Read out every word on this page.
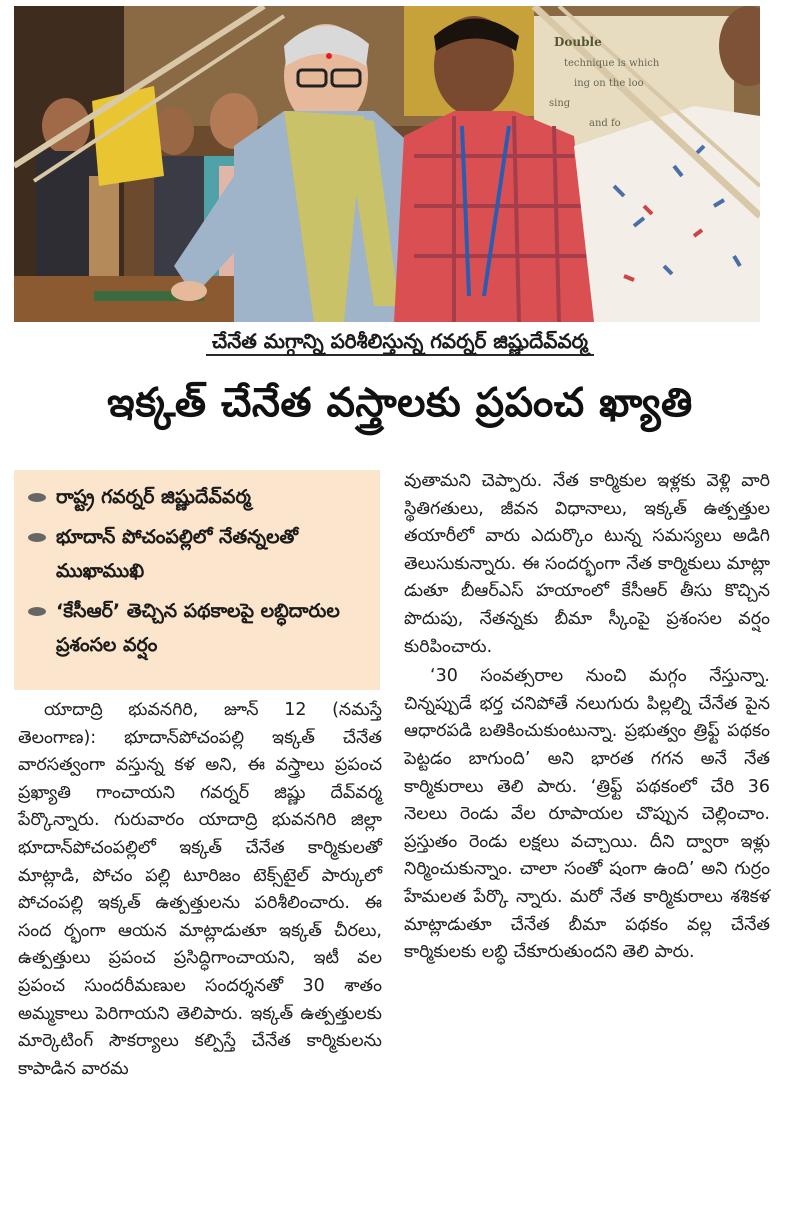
Double
technique is which
ing on the loo
sing
and fo
చేనేత మగ్గాన్ని పరిశీలిస్తున్న గవర్నర్ జిష్ణుదేవ్‌వర్మ
ఇక్కత్ చేనేత వస్త్రాలకు ప్రపంచ ఖ్యాతి
రాష్ట్ర గవర్నర్ జిష్ణుదేవ్‌వర్మ
భూదాన్ పోచంపల్లిలో నేతన్నలతో ముఖాముఖి
‘కేసీఆర్’ తెచ్చిన పథకాలపై లబ్ధిదారుల ప్రశంసల వర్షం

యాదాద్రి భువనగిరి, జూన్ 12 (నమస్తే తెలంగాణ): భూదాన్‌పోచంపల్లి ఇక్కత్ చేనేత వారసత్వంగా వస్తున్న కళ అని, ఈ వస్త్రాలు ప్రపంచ ప్రఖ్యాతి గాంచాయని గవర్నర్ జిష్ణు దేవ్‌వర్మ పేర్కొన్నారు. గురువారం యాదాద్రి భువనగిరి జిల్లా భూదాన్‌పోచంపల్లిలో ఇక్కత్ చేనేత కార్మికులతో మాట్లాడి, పోచం పల్లి టూరిజం టెక్స్‌టైల్ పార్కులో పోచంపల్లి ఇక్కత్ ఉత్పత్తులను పరిశీలించారు. ఈ సంద ర్భంగా ఆయన మాట్లాడుతూ ఇక్కత్ చీరలు, ఉత్పత్తులు ప్రపంచ ప్రసిద్ధిగాంచాయని, ఇటీ వల ప్రపంచ సుందరీమణుల సందర్శనతో 30 శాతం అమ్మకాలు పెరిగాయని తెలిపారు. ఇక్కత్ ఉత్పత్తులకు మార్కెటింగ్ సౌకర్యాలు కల్పిస్తే చేనేత కార్మికులను కాపాడిన వారమ

వుతామని చెప్పారు. నేత కార్మికుల ఇళ్లకు వెళ్లి వారి స్థితిగతులు, జీవన విధానాలు, ఇక్కత్ ఉత్పత్తుల తయారీలో వారు ఎదుర్కొం టున్న సమస్యలు అడిగి తెలుసుకున్నారు. ఈ సందర్భంగా నేత కార్మికులు మాట్లా డుతూ బీఆర్‌ఎస్ హయాంలో కేసీఆర్ తీసు కొచ్చిన పొదుపు, నేతన్నకు బీమా స్కీంపై ప్రశంసల వర్షం కురిపించారు.

‘30 సంవత్సరాల నుంచి మగ్గం నేస్తున్నా. చిన్నప్పుడే భర్త చనిపోతే నలుగురు పిల్లల్ని చేనేత పైన ఆధారపడి బతికించుకుంటున్నా. ప్రభుత్వం త్రిఫ్ట్ పథకం పెట్టడం బాగుంది’ అని భారత గగన అనే నేత కార్మికురాలు తెలి పారు. ‘త్రిఫ్ట్ పథకంలో చేరి 36 నెలలు రెండు వేల రూపాయల చొప్పున చెల్లించాం. ప్రస్తుతం రెండు లక్షలు వచ్చాయి. దీని ద్వారా ఇళ్లు నిర్మించుకున్నాం. చాలా సంతో షంగా ఉంది’ అని గుర్రం హేమలత పేర్కొ న్నారు. మరో నేత కార్మికురాలు శశికళ మాట్లాడుతూ చేనేత బీమా పథకం వల్ల చేనేత కార్మికులకు లబ్ధి చేకూరుతుందని తెలి పారు.
